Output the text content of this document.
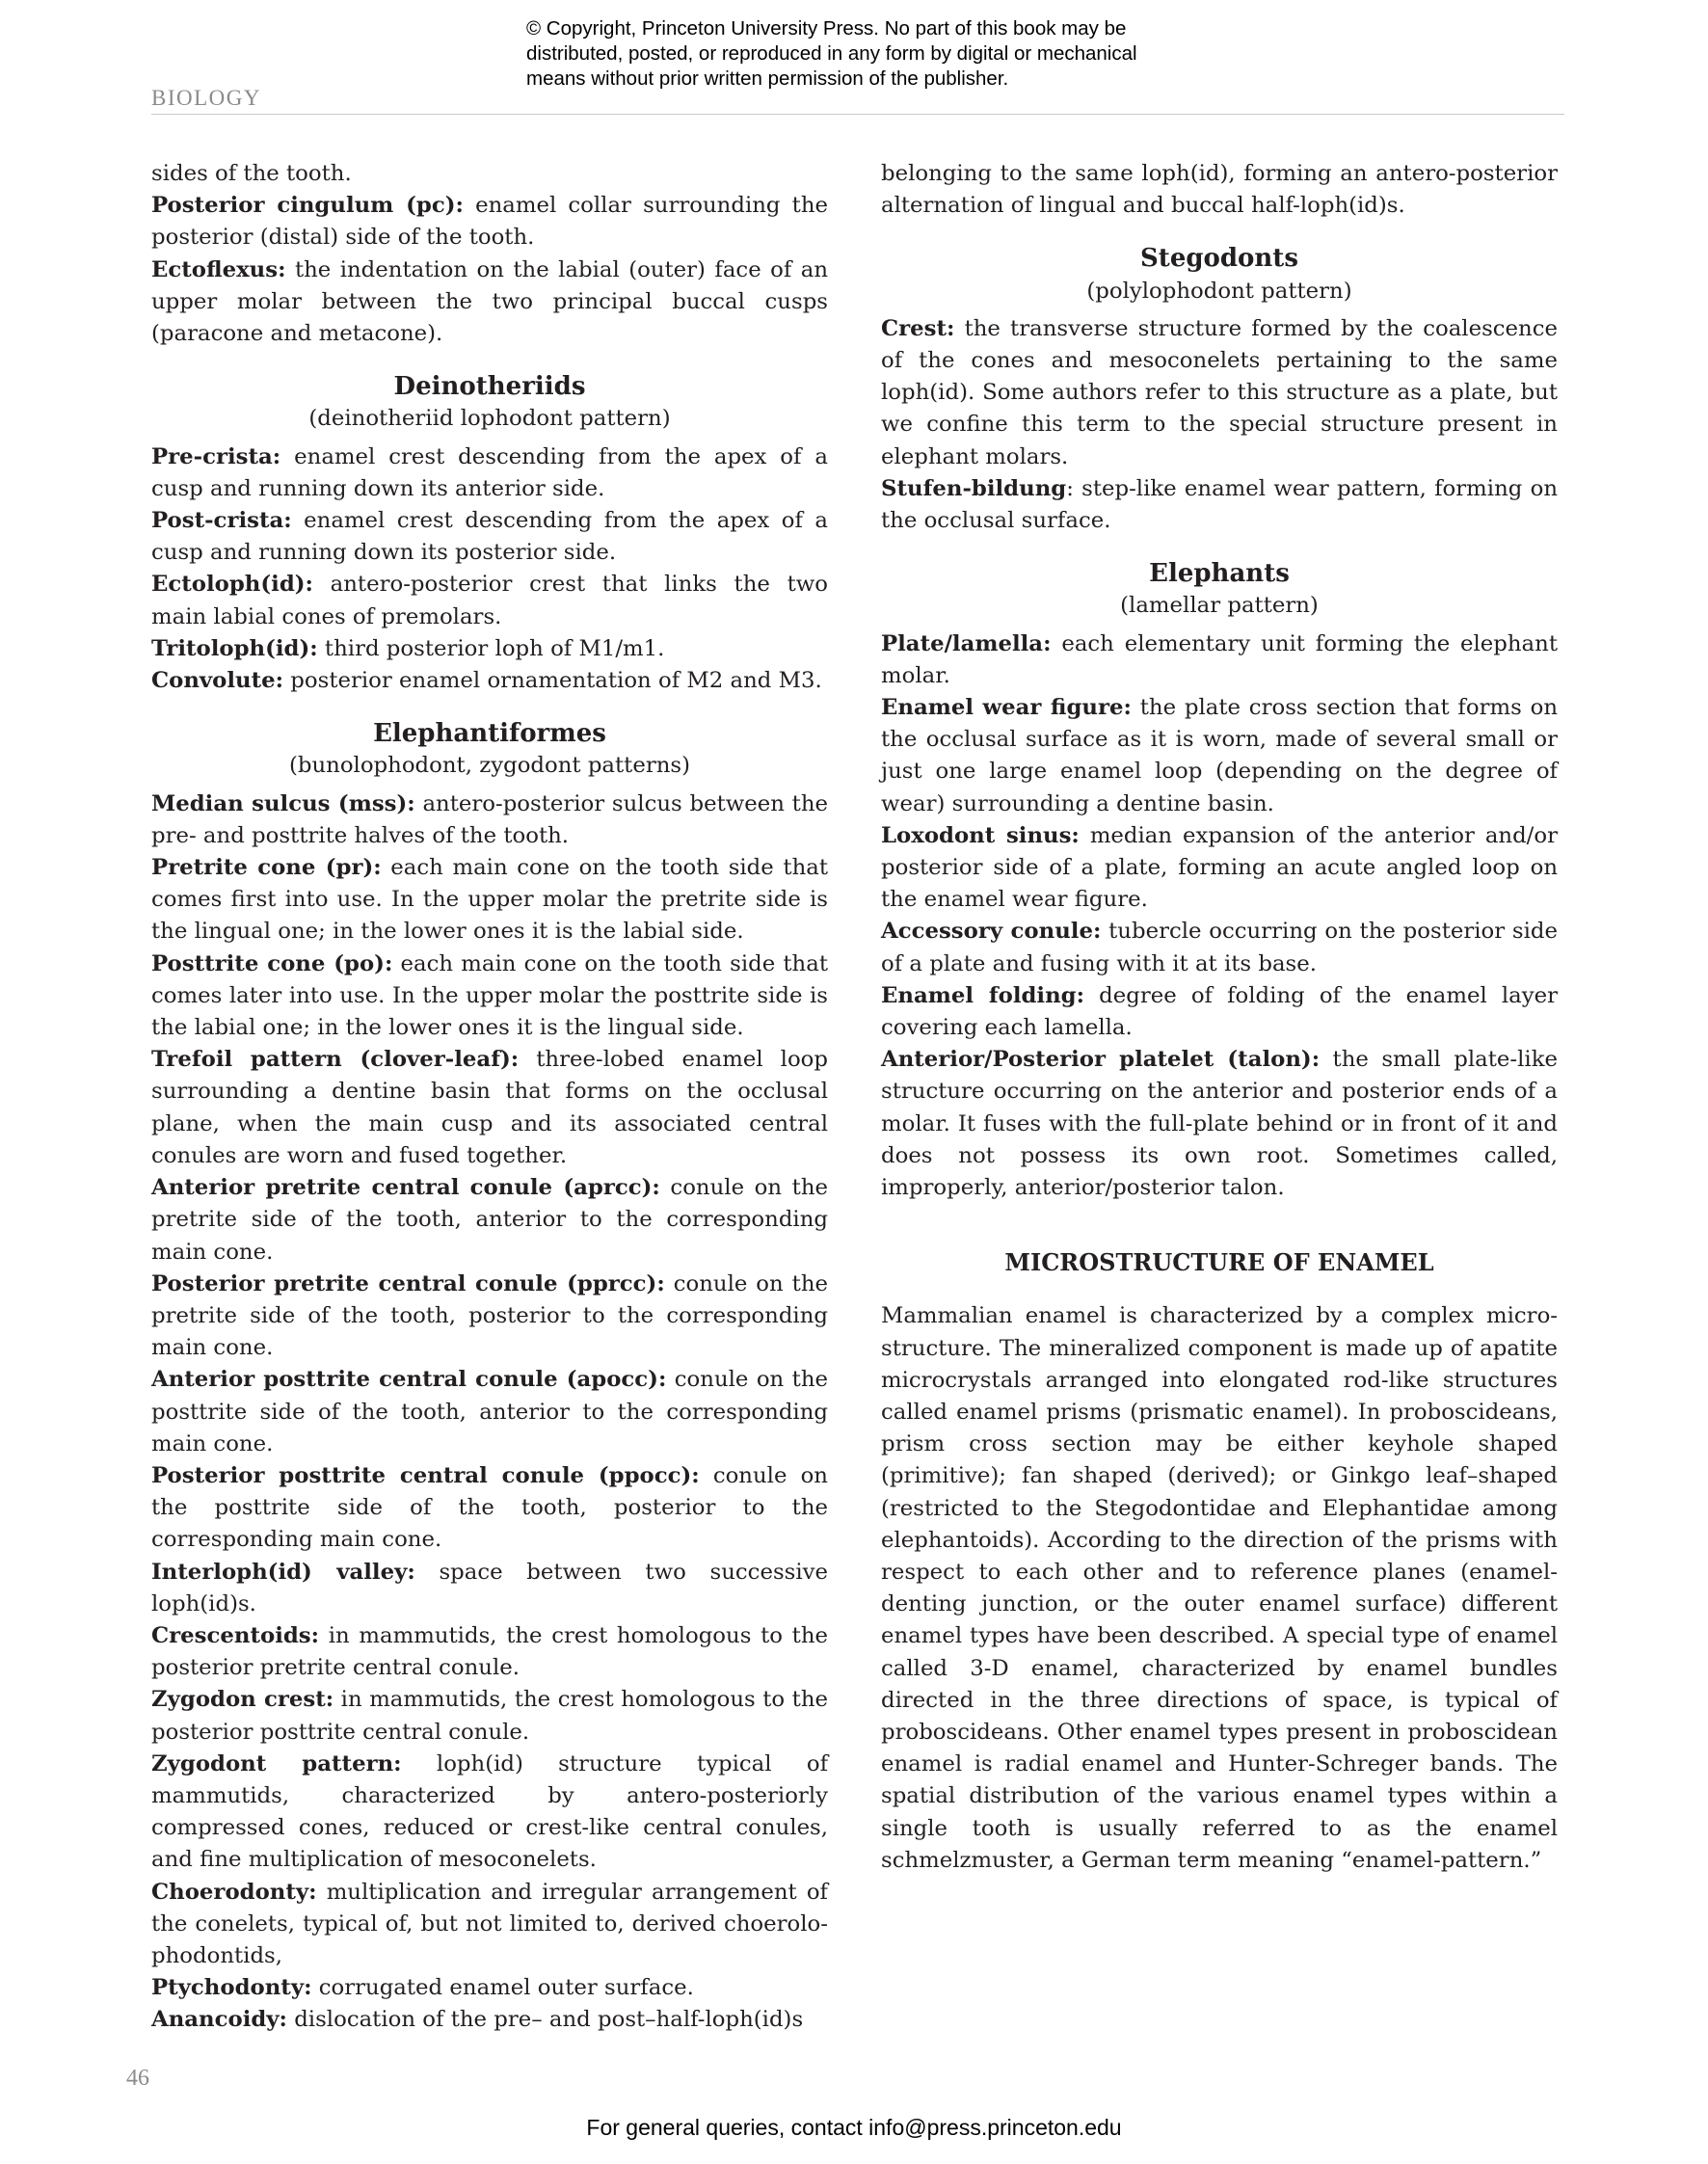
© Copyright, Princeton University Press. No part of this book may be
distributed, posted, or reproduced in any form by digital or mechanical
means without prior written permission of the publisher.
BIOLOGY

sides of the tooth.

Posterior cingulum (pc): enamel collar surrounding the posterior (distal) side of the tooth.

Ectoflexus: the indentation on the labial (outer) face of an upper molar between the two principal buccal cusps (paracone and metacone).

Deinotheriids

(deinotheriid lophodont pattern)

Pre-crista: enamel crest descending from the apex of a cusp and running down its anterior side.

Post-crista: enamel crest descending from the apex of a cusp and running down its posterior side.

Ectoloph(id): antero-posterior crest that links the two main labial cones of premolars.

Tritoloph(id): third posterior loph of M1/m1.

Convolute: posterior enamel ornamentation of M2 and M3.

Elephantiformes

(bunolophodont, zygodont patterns)

Median sulcus (mss): antero-posterior sulcus between the pre- and posttrite halves of the tooth.

Pretrite cone (pr): each main cone on the tooth side that comes first into use. In the upper molar the pretrite side is the lingual one; in the lower ones it is the labial side.

Posttrite cone (po): each main cone on the tooth side that comes later into use. In the upper molar the posttrite side is the labial one; in the lower ones it is the lingual side.

Trefoil pattern (clover-leaf): three-lobed enamel loop surrounding a dentine basin that forms on the occlusal plane, when the main cusp and its associated central conules are worn and fused together.

Anterior pretrite central conule (aprcc): conule on the pretrite side of the tooth, anterior to the corresponding main cone.

Posterior pretrite central conule (pprcc): conule on the pretrite side of the tooth, posterior to the corresponding main cone.

Anterior posttrite central conule (apocc): conule on the posttrite side of the tooth, anterior to the corresponding main cone.

Posterior posttrite central conule (ppocc): conule on the posttrite side of the tooth, posterior to the corresponding main cone.

Interloph(id) valley: space between two successive loph(id)s.

Crescentoids: in mammutids, the crest homologous to the posterior pretrite central conule.

Zygodon crest: in mammutids, the crest homologous to the posterior posttrite central conule.

Zygodont pattern: loph(id) structure typical of mammutids, characterized by antero-posteriorly compressed cones, reduced or crest-like central conules, and fine multiplication of mesoconelets.

Choerodonty: multiplication and irregular arrangement of the conelets, typical of, but not limited to, derived choerolophodontids,

Ptychodonty: corrugated enamel outer surface.

Anancoidy: dislocation of the pre– and post–half-loph(id)s

belonging to the same loph(id), forming an antero-posterior alternation of lingual and buccal half-loph(id)s.

Stegodonts

(polylophodont pattern)

Crest: the transverse structure formed by the coalescence of the cones and mesoconelets pertaining to the same loph(id). Some authors refer to this structure as a plate, but we confine this term to the special structure present in elephant molars.

Stufen-bildung: step-like enamel wear pattern, forming on the occlusal surface.

Elephants

(lamellar pattern)

Plate/lamella: each elementary unit forming the elephant molar.

Enamel wear figure: the plate cross section that forms on the occlusal surface as it is worn, made of several small or just one large enamel loop (depending on the degree of wear) surrounding a dentine basin.

Loxodont sinus: median expansion of the anterior and/or posterior side of a plate, forming an acute angled loop on the enamel wear figure.

Accessory conule: tubercle occurring on the posterior side of a plate and fusing with it at its base.

Enamel folding: degree of folding of the enamel layer covering each lamella.

Anterior/Posterior platelet (talon): the small plate-like structure occurring on the anterior and posterior ends of a molar. It fuses with the full-plate behind or in front of it and does not possess its own root. Sometimes called, improperly, anterior/posterior talon.

MICROSTRUCTURE OF ENAMEL

Mammalian enamel is characterized by a complex microstructure. The mineralized component is made up of apatite microcrystals arranged into elongated rod-like structures called enamel prisms (prismatic enamel). In proboscideans, prism cross section may be either keyhole shaped (primitive); fan shaped (derived); or Ginkgo leaf–shaped (restricted to the Stegodontidae and Elephantidae among elephantoids). According to the direction of the prisms with respect to each other and to reference planes (enamel-denting junction, or the outer enamel surface) different enamel types have been described. A special type of enamel called 3-D enamel, characterized by enamel bundles directed in the three directions of space, is typical of proboscideans. Other enamel types present in proboscidean enamel is radial enamel and Hunter-Schreger bands. The spatial distribution of the various enamel types within a single tooth is usually referred to as the enamel schmelzmuster, a German term meaning “enamel-pattern.”

46
For general queries, contact info@press.princeton.edu
